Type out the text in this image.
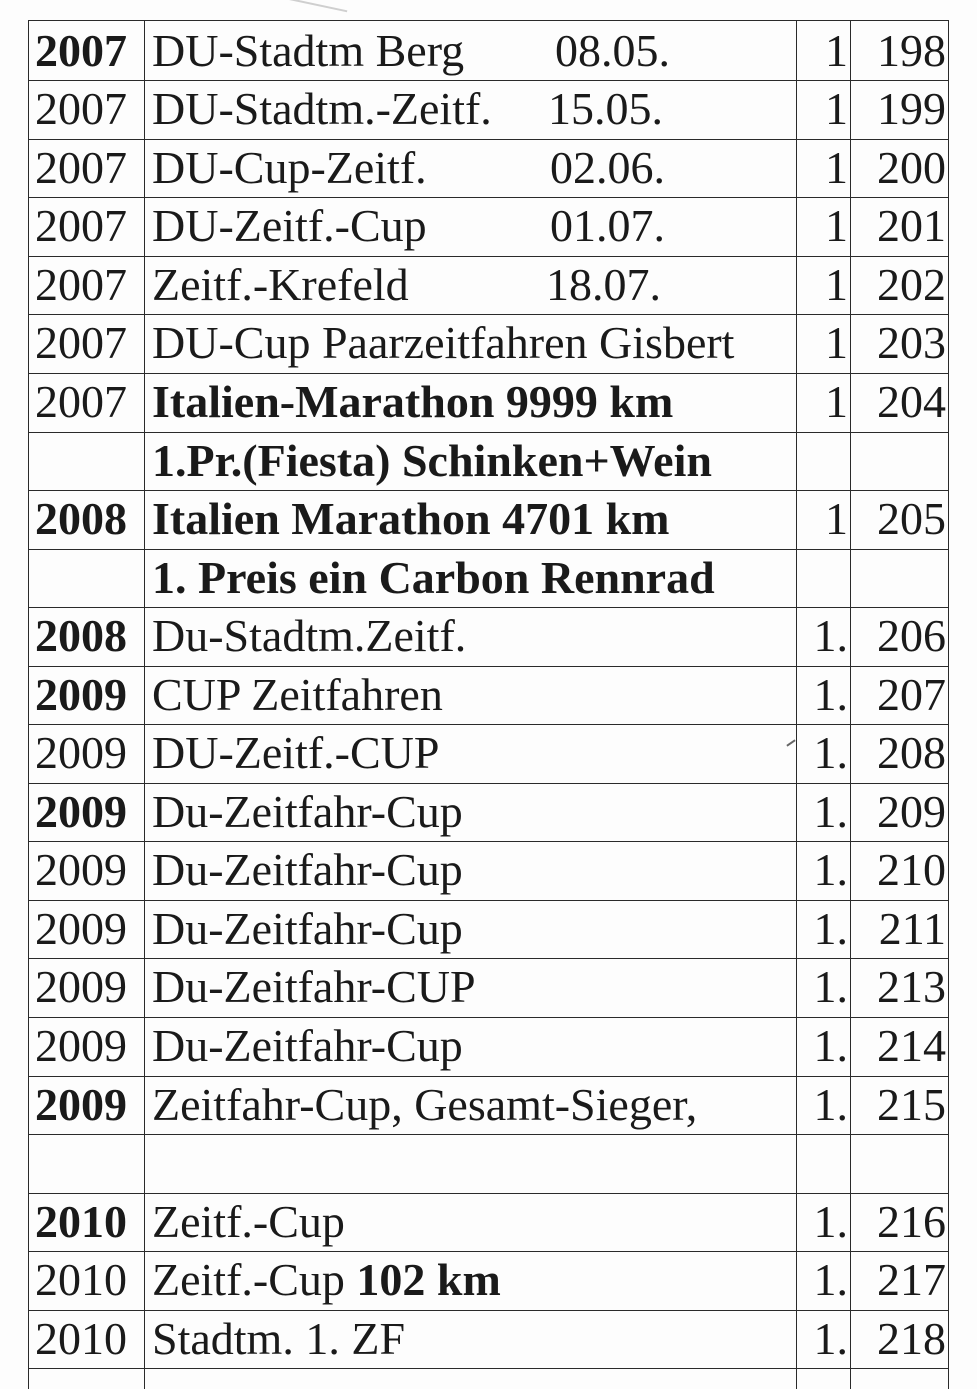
2007 DU-Stadtm Berg	08.05.	1 198
2007 DU-Stadtm.-Zeitf.	15.05.	1 199
2007 DU-Cup-Zeitf.	02.06.	1 200
2007 DU-Zeitf.-Cup	01.07.	1 201
2007 Zeitf.-Krefeld	18.07.	1 202
2007 DU-Cup Paarzeitfahren Gisbert	1 203
2007 Italien-Marathon 9999 km	1 204
1.Pr.(Fiesta) Schinken+Wein
2008 Italien Marathon 4701 km	1 205
1. Preis ein Carbon Rennrad
2008 Du-Stadtm.Zeitf.	1. 206
2009 CUP Zeitfahren	1. 207
2009 DU-Zeitf.-CUP	1. 208
2009 Du-Zeitfahr-Cup	1. 209
2009 Du-Zeitfahr-Cup	1. 210
2009 Du-Zeitfahr-Cup	1. 211
2009 Du-Zeitfahr-CUP	1. 213
2009 Du-Zeitfahr-Cup	1. 214
2009 Zeitfahr-Cup, Gesamt-Sieger,	1. 215
2010 Zeitf.-Cup	1. 216
2010 Zeitf.-Cup 102 km	1. 217
2010 Stadtm. 1. ZF	1. 218
